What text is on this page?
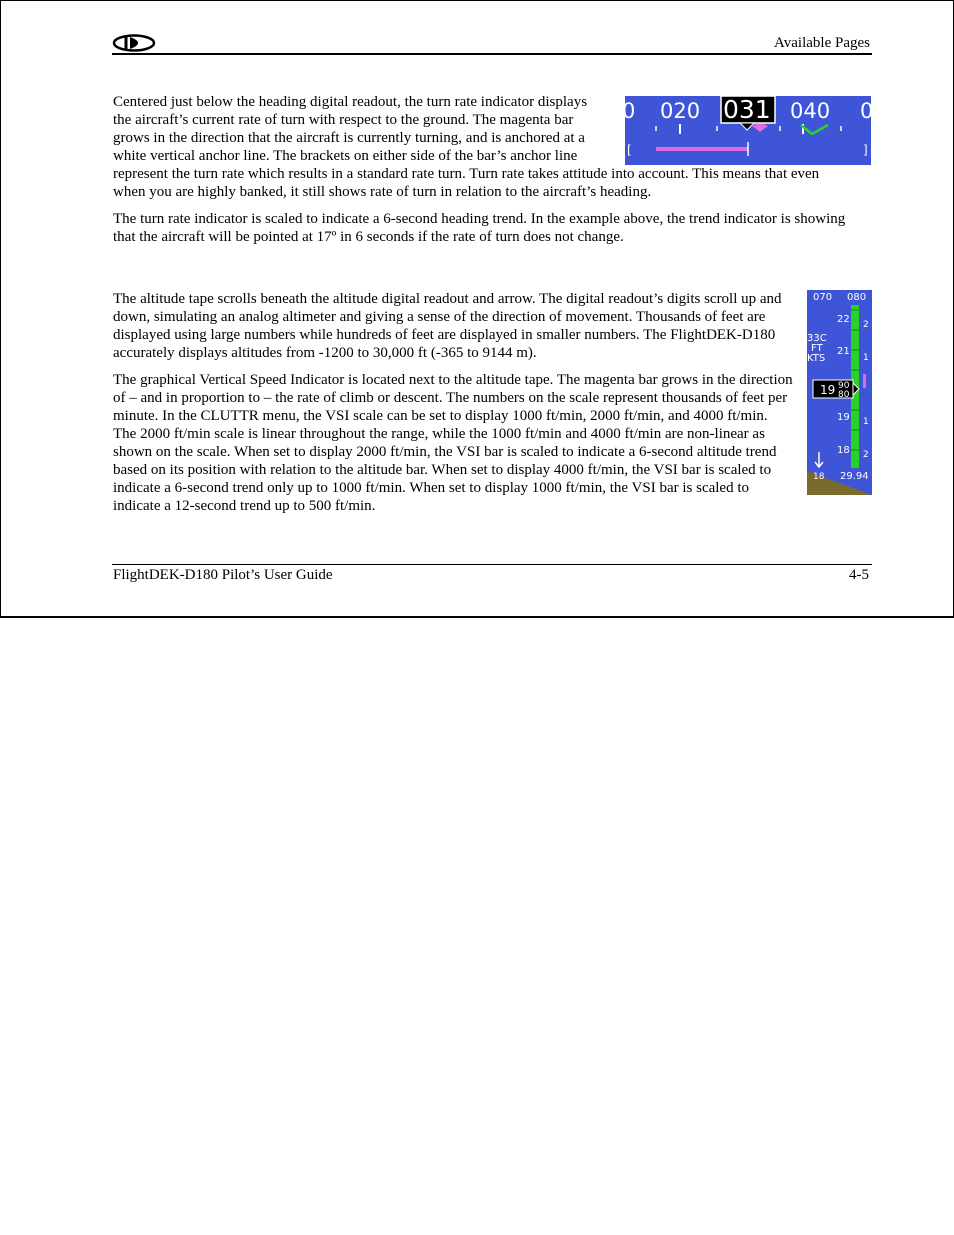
Available Pages

Centered just below the heading digital readout, the turn rate indicator displays the aircraft’s current rate of turn with respect to the ground. The magenta bar grows in the direction that the aircraft is currently turning, and is anchored at a white vertical anchor line. The brackets on either side of the bar’s anchor line represent the turn rate which results in a standard rate turn. Turn rate takes attitude into account. This means that even when you are highly banked, it still shows rate of turn in relation to the aircraft’s heading.

The turn rate indicator is scaled to indicate a 6-second heading trend. In the example above, the trend indicator is showing that the aircraft will be pointed at 17º in 6 seconds if the rate of turn does not change.

The altitude tape scrolls beneath the altitude digital readout and arrow. The digital readout’s digits scroll up and down, simulating an analog altimeter and giving a sense of the direction of movement. Thousands of feet are displayed using large numbers while hundreds of feet are displayed in smaller numbers. The FlightDEK-D180 accurately displays altitudes from -1200 to 30,000 ft (-365 to 9144 m).

The graphical Vertical Speed Indicator is located next to the altitude tape. The magenta bar grows in the direction of – and in proportion to – the rate of climb or descent. The numbers on the scale represent thousands of feet per minute. In the CLUTTR menu, the VSI scale can be set to display 1000 ft/min, 2000 ft/min, and 4000 ft/min. The 2000 ft/min scale is linear throughout the range, while the 1000 ft/min and 4000 ft/min are non-linear as shown on the scale. When set to display 2000 ft/min, the VSI bar is scaled to indicate a 6-second altitude trend based on its position with relation to the altitude bar. When set to display 4000 ft/min, the VSI bar is scaled to indicate a 6-second trend only up to 1000 ft/min. When set to display 1000 ft/min, the VSI bar is scaled to indicate a 12-second trend up to 500 ft/min.

0 020 031 040 0
[	]
070 080
33C
FT
KTS
22
21
19
18
2
1
1
2
19 90
80
18 29.94
FlightDEK-D180 Pilot’s User Guide	4-5
